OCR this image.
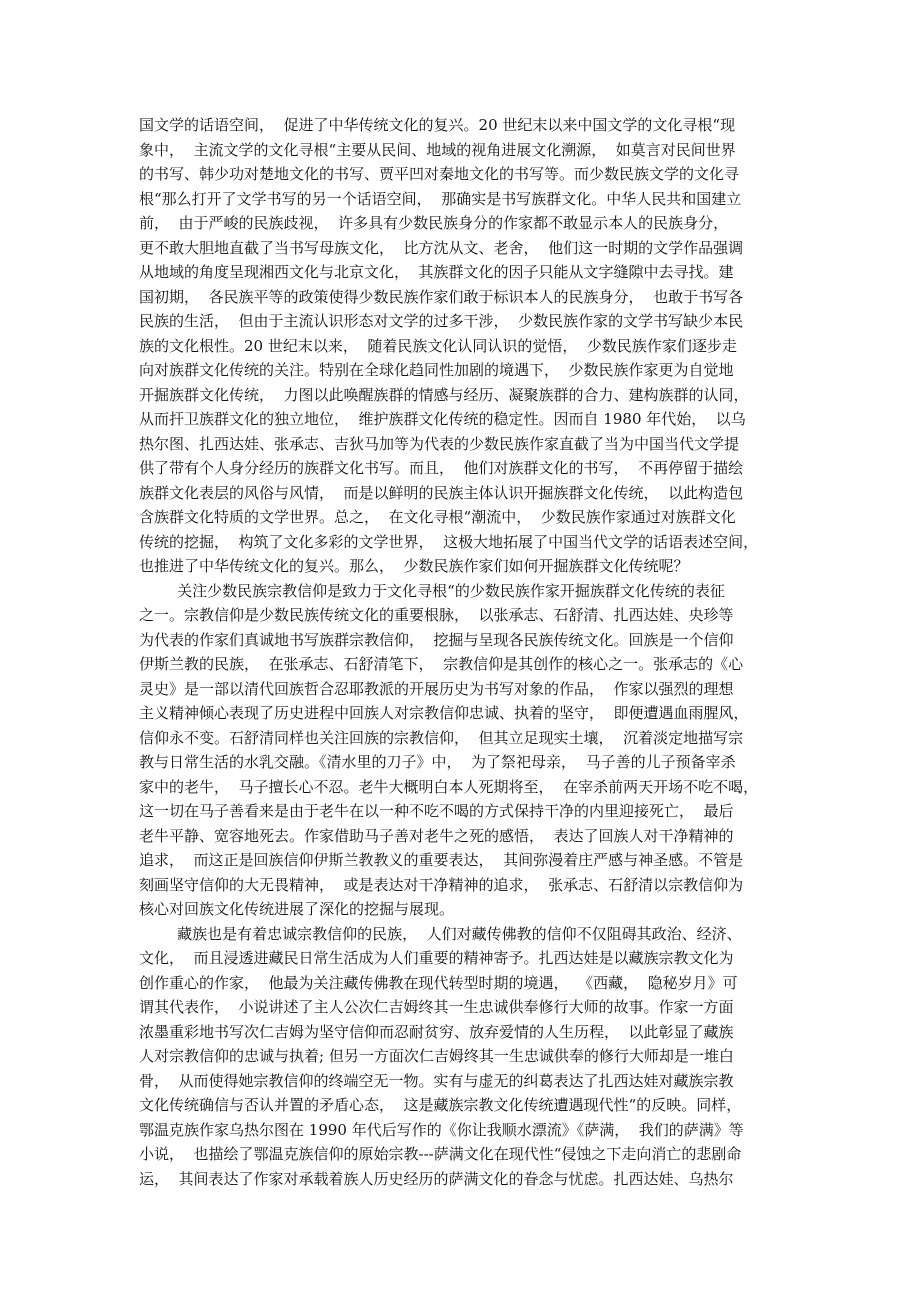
国文学的话语空间，  促进了中华传统文化的复兴。20 世纪末以来中国文学的文化寻根“现
象中，  主流文学的文化寻根“主要从民间、地域的视角进展文化溯源，  如莫言对民间世界
的书写、韩少功对楚地文化的书写、贾平凹对秦地文化的书写等。而少数民族文学的文化寻
根“那么打开了文学书写的另一个话语空间，  那确实是书写族群文化。中华人民共和国建立
前，  由于严峻的民族歧视，  许多具有少数民族身分的作家都不敢显示本人的民族身分，
更不敢大胆地直截了当书写母族文化，  比方沈从文、老舍，  他们这一时期的文学作品强调
从地域的角度呈现湘西文化与北京文化，  其族群文化的因子只能从文字缝隙中去寻找。建
国初期，  各民族平等的政策使得少数民族作家们敢于标识本人的民族身分，  也敢于书写各
民族的生活，  但由于主流认识形态对文学的过多干涉，  少数民族作家的文学书写缺少本民
族的文化根性。20 世纪末以来，  随着民族文化认同认识的觉悟，  少数民族作家们逐步走
向对族群文化传统的关注。特别在全球化趋同性加剧的境遇下，  少数民族作家更为自觉地
开掘族群文化传统，  力图以此唤醒族群的情感与经历、凝聚族群的合力、建构族群的认同，
从而扞卫族群文化的独立地位，  维护族群文化传统的稳定性。因而自 1980 年代始，  以乌
热尔图、扎西达娃、张承志、吉狄马加等为代表的少数民族作家直截了当为中国当代文学提
供了带有个人身分经历的族群文化书写。而且，  他们对族群文化的书写，  不再停留于描绘
族群文化表层的风俗与风情，  而是以鲜明的民族主体认识开掘族群文化传统，  以此构造包
含族群文化特质的文学世界。总之，  在文化寻根“潮流中，  少数民族作家通过对族群文化
传统的挖掘，  构筑了文化多彩的文学世界，  这极大地拓展了中国当代文学的话语表述空间，
也推进了中华传统文化的复兴。那么，  少数民族作家们如何开掘族群文化传统呢？
关注少数民族宗教信仰是致力于文化寻根“的少数民族作家开掘族群文化传统的表征
之一。宗教信仰是少数民族传统文化的重要根脉，  以张承志、石舒清、扎西达娃、央珍等
为代表的作家们真诚地书写族群宗教信仰，  挖掘与呈现各民族传统文化。回族是一个信仰
伊斯兰教的民族，  在张承志、石舒清笔下，  宗教信仰是其创作的核心之一。张承志的《心
灵史》是一部以清代回族哲合忍耶教派的开展历史为书写对象的作品，  作家以强烈的理想
主义精神倾心表现了历史进程中回族人对宗教信仰忠诚、执着的坚守，  即便遭遇血雨腥风，
信仰永不变。石舒清同样也关注回族的宗教信仰，  但其立足现实土壤，  沉着淡定地描写宗
教与日常生活的水乳交融。《清水里的刀子》中，  为了祭祀母亲，  马子善的儿子预备宰杀
家中的老牛，  马子擅长心不忍。老牛大概明白本人死期将至，  在宰杀前两天开场不吃不喝，
这一切在马子善看来是由于老牛在以一种不吃不喝的方式保持干净的内里迎接死亡，  最后
老牛平静、宽容地死去。作家借助马子善对老牛之死的感悟，  表达了回族人对干净精神的
追求，  而这正是回族信仰伊斯兰教教义的重要表达，  其间弥漫着庄严感与神圣感。不管是
刻画坚守信仰的大无畏精神，  或是表达对干净精神的追求，  张承志、石舒清以宗教信仰为
核心对回族文化传统进展了深化的挖掘与展现。
藏族也是有着忠诚宗教信仰的民族，  人们对藏传佛教的信仰不仅阻碍其政治、经济、
文化，  而且浸透进藏民日常生活成为人们重要的精神寄予。扎西达娃是以藏族宗教文化为
创作重心的作家，  他最为关注藏传佛教在现代转型时期的境遇，  《西藏，  隐秘岁月》可
谓其代表作，  小说讲述了主人公次仁吉姆终其一生忠诚供奉修行大师的故事。作家一方面
浓墨重彩地书写次仁吉姆为坚守信仰而忍耐贫穷、放弃爱情的人生历程，  以此彰显了藏族
人对宗教信仰的忠诚与执着; 但另一方面次仁吉姆终其一生忠诚供奉的修行大师却是一堆白
骨，  从而使得她宗教信仰的终端空无一物。实有与虚无的纠葛表达了扎西达娃对藏族宗教
文化传统确信与否认并置的矛盾心态，  这是藏族宗教文化传统遭遇现代性“的反映。同样，
鄂温克族作家乌热尔图在 1990 年代后写作的《你让我顺水漂流》《萨满，  我们的萨满》等
小说，  也描绘了鄂温克族信仰的原始宗教---萨满文化在现代性“侵蚀之下走向消亡的悲剧命
运，  其间表达了作家对承载着族人历史经历的萨满文化的眷念与忧虑。扎西达娃、乌热尔
